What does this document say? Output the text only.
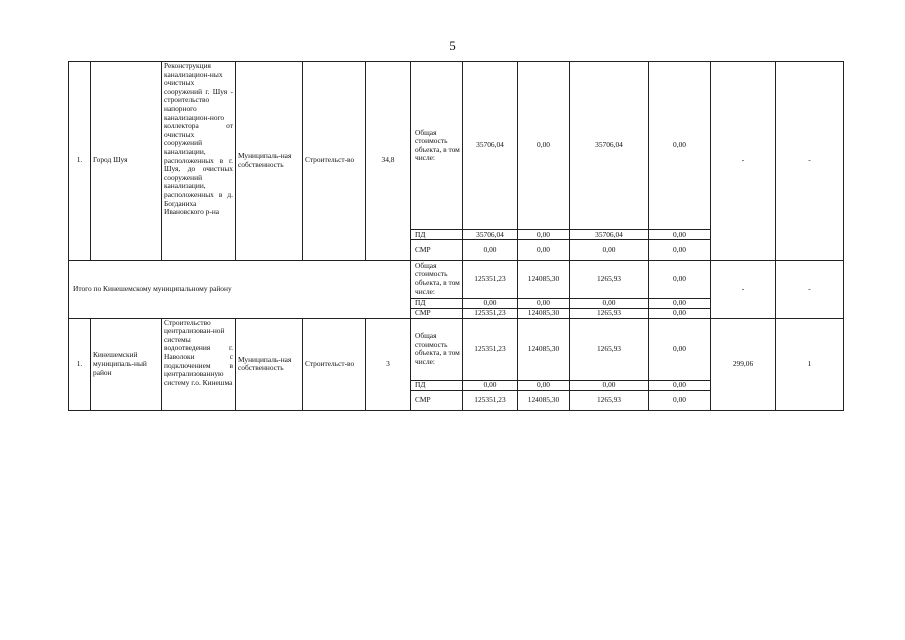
5
1.	Город Шуя	Реконструкция канализацион-ных очистных сооружений г. Шуя - строительство напорного канализацион-ного коллектора от очистных сооружений канализации, расположенных в г. Шуя, до очистных сооружений канализации, расположенных в д. Богданиха Ивановского р-на	Муниципаль-ная собственность	Строительст-во	34,8	Общая стоимость объекта, в том числе:	35706,04	0,00	35706,04	0,00	-	-
						ПД	35706,04	0,00	35706,04	0,00		
						СМР	0,00	0,00	0,00	0,00		
Итого по Кинешемскому муниципальному району						Общая стоимость объекта, в том числе:	125351,23	124085,30	1265,93	0,00	-	-
						ПД	0,00	0,00	0,00	0,00		
						СМР	125351,23	124085,30	1265,93	0,00		
1.	Кинешемский муниципаль-ный район	Строительство централизован-ной системы водоотведения г. Наволоки с подключением в централизованную систему г.о. Кинешма	Муниципаль-ная собственность	Строительст-во	3	Общая стоимость объекта, в том числе:	125351,23	124085,30	1265,93	0,00	299,06	1
						ПД	0,00	0,00	0,00	0,00		
						СМР	125351,23	124085,30	1265,93	0,00		
